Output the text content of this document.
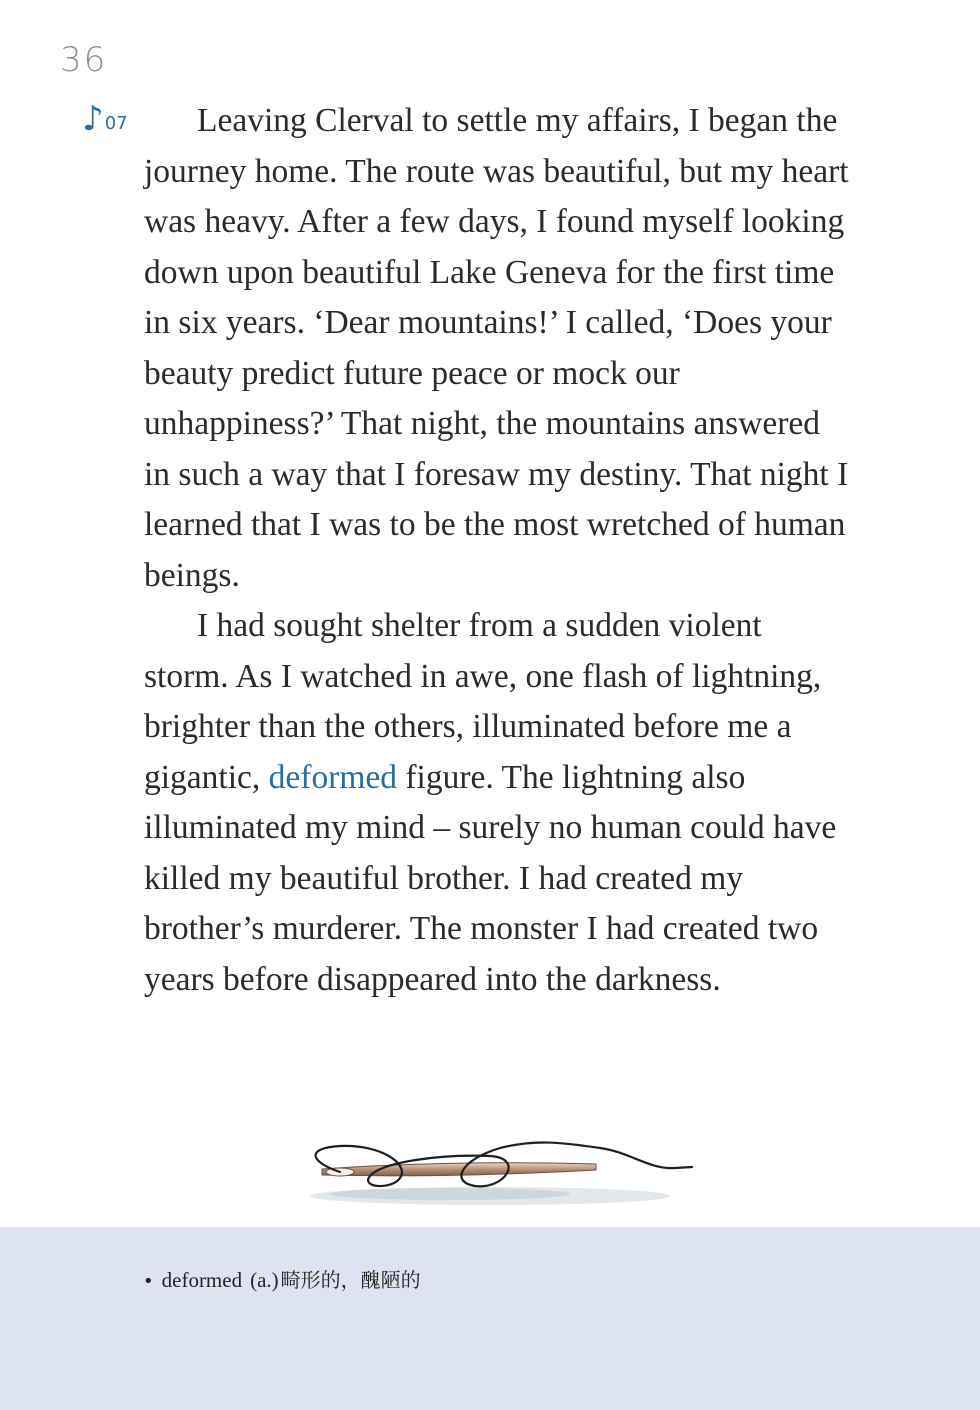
36
♪ 07	Leaving Clerval to settle my affairs, I began the journey home. The route was beautiful, but my heart was heavy. After a few days, I found myself looking down upon beautiful Lake Geneva for the first time in six years. ‘Dear mountains!’ I called, ‘Does your beauty predict future peace or mock our unhappiness?’ That night, the mountains answered in such a way that I foresaw my destiny. That night I learned that I was to be the most wretched of human beings.

I had sought shelter from a sudden violent storm. As I watched in awe, one flash of lightning, brighter than the others, illuminated before me a gigantic, deformed figure. The lightning also illuminated my mind – surely no human could have killed my beautiful brother. I had created my brother’s murderer. The monster I had created two years before disappeared into the darkness.

• deformed (a.) 畸形的，醜陋的
